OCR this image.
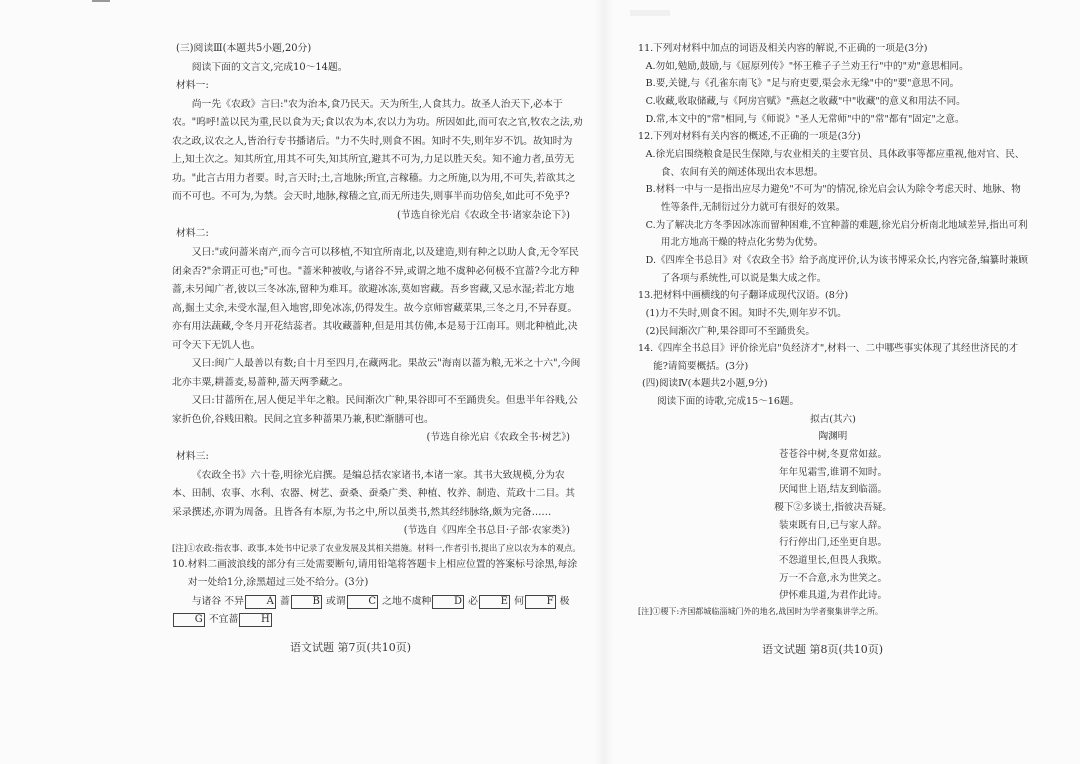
(三)阅读Ⅲ(本题共5小题,20分)

阅读下面的文言文,完成10～14题。

材料一:

尚一先《农政》言曰:"农为治本,食乃民天。天为所生,人食其力。故圣人治天下,必本于农。"呜呼!盖以民为重,民以食为天;食以农为本,农以力为功。所因如此,而可农之官,牧农之法,劝农之政,议农之人,皆治行专书播诸后。"力不失时,则食不困。知时不失,则年岁不饥。故知时为上,知土次之。知其所宜,用其不可失,知其所宜,避其不可为,力足以胜天矣。知不逾力者,虽劳无功。"此言古用力者要。时,言天时;土,言地脉;所宜,言稼穑。力之所施,以为用,不可失,若欲其之而不可也。不可为,为禁。会天时,地脉,稼穑之宜,而无所违失,则事半而功倍矣,如此可不免乎?

(节选自徐光启《农政全书·诸家杂论下》)

材料二:

又曰:"或问蔷米南产,而今言可以移植,不知宜所南北,以及建造,则有种之以助人食,无令军民闭籴否?"余谓正可也;"可也。"蔷米种被收,与诸谷不异,或谓之地不虞种必何极不宜蔷?今北方种蔷,未另闻广者,彼以三冬冰冻,留种为难耳。欲避冰冻,莫如窖藏。吾乡窖藏,又忌水湿;若北方地高,掘土丈余,未受水湿,但入地窖,即免冰冻,仍得发生。故今京师窖藏菜果,三冬之月,不异春夏。亦有用法蔬藏,令冬月开花结蕊者。其收藏蔷种,但是用其仿佛,本是易于江南耳。则北种植此,决可令天下无饥人也。

又曰:闽广人最善以有数;自十月至四月,在藏两北。果故云"海南以蔷为粮,无米之十六",今闽北亦丰粟,耕蔷麦,易蔷种,蔷天两季藏之。

又曰:甘蔷所在,居人便足半年之粮。民间渐次广种,果谷即可不至踊贵矣。但患半年谷贱,公家折色价,谷贱田粮。民间之宜多种蔷果乃兼,积贮渐膳可也。

(节选自徐光启《农政全书·树艺》)

材料三:

《农政全书》六十卷,明徐光启撰。是编总括农家诸书,本诸一家。其书大致规模,分为农本、田制、农事、水利、农器、树艺、蚕桑、蚕桑广类、种植、牧养、制造、荒政十二目。其采录撰述,亦谓为周备。且皆各有本原,为书之中,所以虽类书,然其经纬脉络,颇为完备……

(节选自《四库全书总目·子部·农家类》)

[注]①农政:指农事、政事,本处书中记录了农业发展及其相关措施。材料一,作者引书,提出了应以农为本的观点。

10.材料二画波浪线的部分有三处需要断句,请用铅笔将答题卡上相应位置的答案标号涂黑,每涂对一处给1分,涂黑超过三处不给分。(3分)

与诸谷 不异 A 蔷 B 或谓 C 之地不虞种 D 必 E 何 F 极G 不宜蔷 H

语文试题 第7页(共10页)

11.下列对材料中加点的词语及相关内容的解说,不正确的一项是(3分)

A.勿如,勉励,鼓励,与《屈原列传》"怀王稚子子兰劝王行"中的"劝"意思相同。

B.要,关键,与《孔雀东南飞》"足与府吏要,渠会永无缘"中的"要"意思不同。

C.收藏,收取储藏,与《阿房宫赋》"燕赵之收藏"中"收藏"的意义和用法不同。

D.常,本文中的"常"相同,与《师说》"圣人无常师"中的"常"都有"固定"之意。

12.下列对材料有关内容的概述,不正确的一项是(3分)

A.徐光启围绕粮食是民生保障,与农业相关的主要官员、具体政事等都应重视,他对官、民、食、农间有关的阐述体现出农本思想。

B.材料一中与一是指出应尽力避免"不可为"的情况,徐光启会认为除令考虑天时、地脉、物性等条件,无制衍过分力就可有很好的效果。

C.为了解决北方冬季因冰冻而留种困难,不宜种蔷的难题,徐光启分析南北地域差异,指出可利用北方地高干燥的特点化劣势为优势。

D.《四库全书总目》对《农政全书》给予高度评价,认为该书博采众长,内容完备,编纂时兼顾了各项与系统性,可以说是集大成之作。

13.把材料中画横线的句子翻译成现代汉语。(8分)

(1)力不失时,则食不困。知时不失,则年岁不饥。

(2)民间渐次广种,果谷即可不至踊贵矣。

14.《四库全书总目》评价徐光启"负经济才",材料一、二中哪些事实体现了其经世济民的才能?请简要概括。(3分)

(四)阅读Ⅳ(本题共2小题,9分)

阅读下面的诗歌,完成15～16题。

拟古(其六)

陶渊明

苍苍谷中树,冬夏常如兹。

年年见霜雪,谁谓不知时。

厌闻世上语,结友到临淄。

稷下②多谈士,指彼决吾疑。

装束既有日,已与家人辞。

行行停出门,还坐更自思。

不怨道里长,但畏人我欺。

万一不合意,永为世笑之。

伊怀难具道,为君作此诗。

[注]①稷下:齐国都城临淄城门外的地名,战国时为学者聚集讲学之所。

语文试题 第8页(共10页)
